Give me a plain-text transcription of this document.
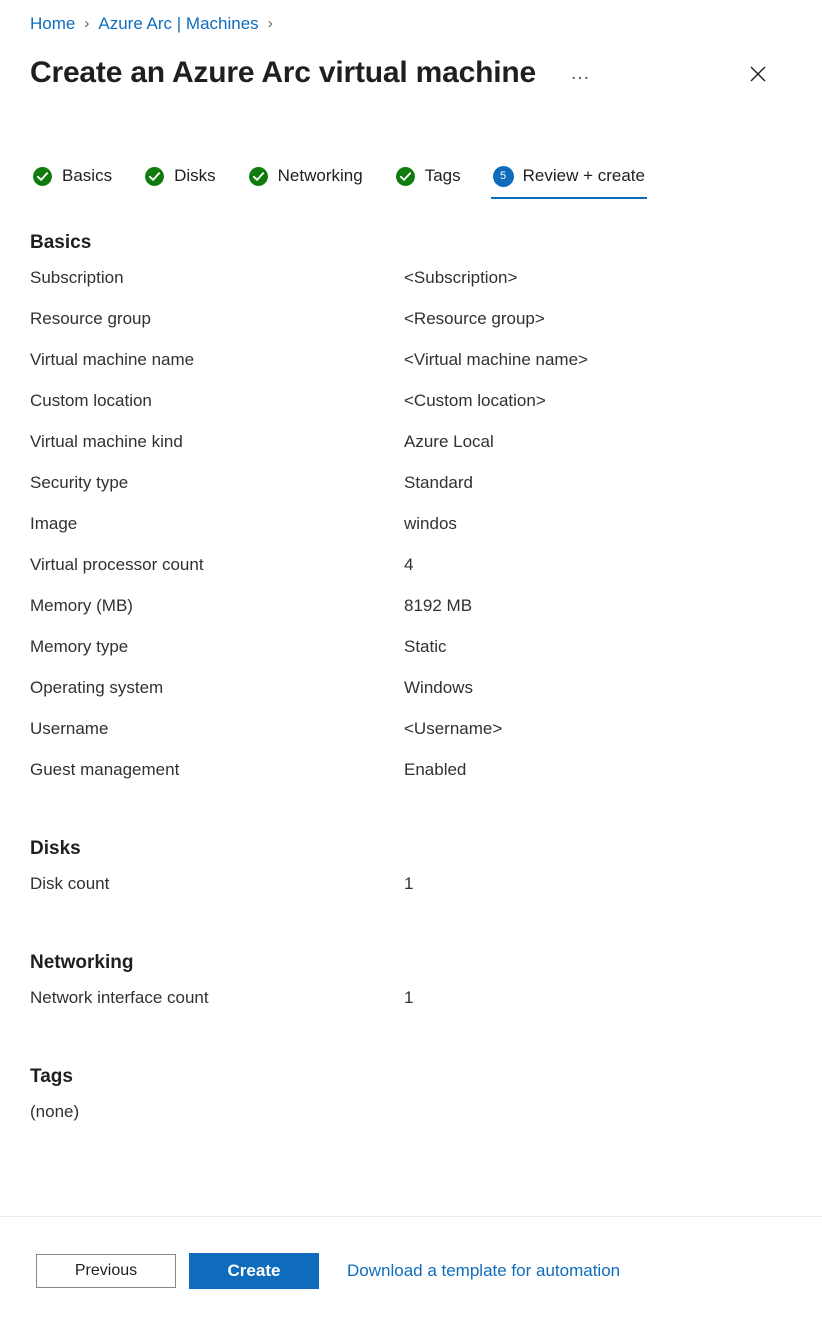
Home › Azure Arc | Machines ›
Create an Azure Arc virtual machine	…
Basics	Disks	Networking	Tags	5 Review + create
Basics
Subscription	<Subscription>
Resource group	<Resource group>
Virtual machine name	<Virtual machine name>
Custom location	<Custom location>
Virtual machine kind	Azure Local
Security type	Standard
Image	windos
Virtual processor count	4
Memory (MB)	8192 MB
Memory type	Static
Operating system	Windows
Username	<Username>
Guest management	Enabled
Disks
Disk count	1
Networking
Network interface count	1
Tags
(none)
Previous	Create	Download a template for automation
